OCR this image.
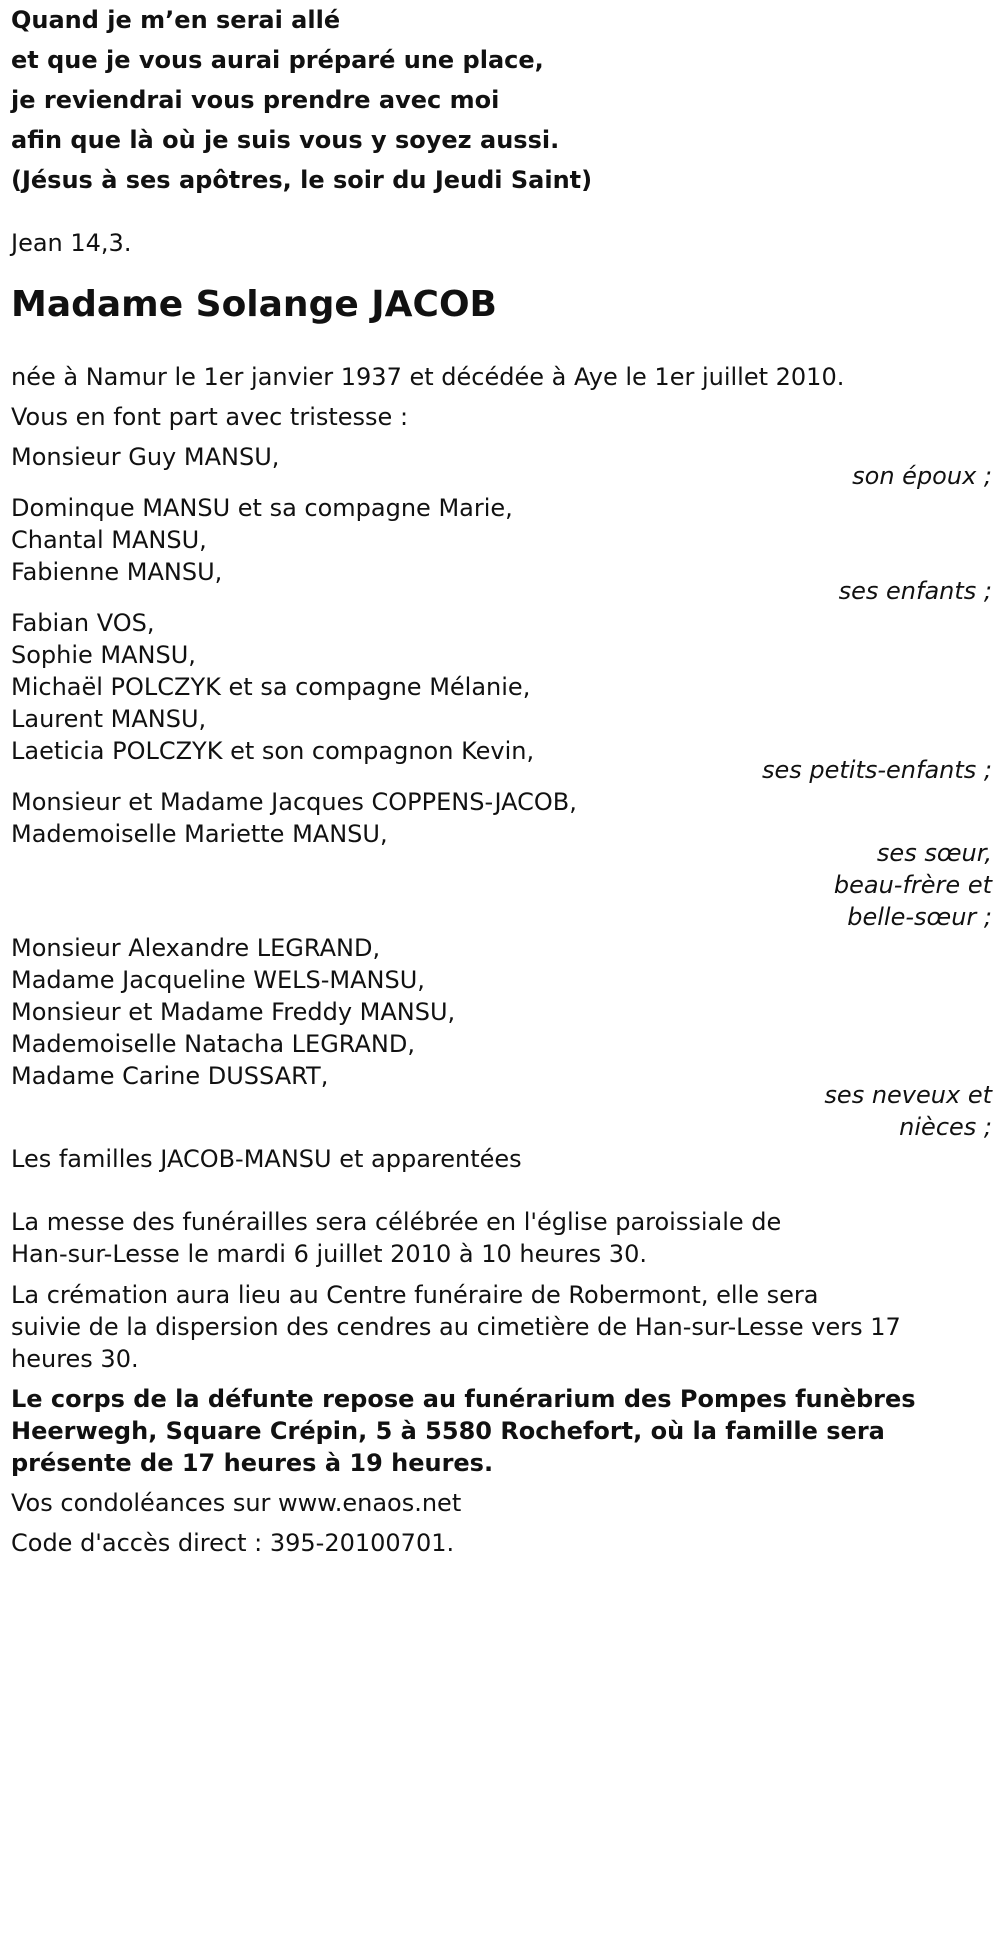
Quand je m’en serai allé
et que je vous aurai préparé une place,
je reviendrai vous prendre avec moi
afin que là où je suis vous y soyez aussi.
(Jésus à ses apôtres, le soir du Jeudi Saint)
Jean 14,3.
Madame Solange JACOB
née à Namur le 1er janvier 1937 et décédée à Aye le 1er juillet 2010.
Vous en font part avec tristesse :
Monsieur Guy MANSU,
son époux ;
Dominque MANSU et sa compagne Marie,
Chantal MANSU,
Fabienne MANSU,
ses enfants ;
Fabian VOS,
Sophie MANSU,
Michaël POLCZYK et sa compagne Mélanie,
Laurent MANSU,
Laeticia POLCZYK et son compagnon Kevin,
ses petits-enfants ;
Monsieur et Madame Jacques COPPENS-JACOB,
Mademoiselle Mariette MANSU,
ses sœur,
beau-frère et
belle-sœur ;
Monsieur Alexandre LEGRAND,
Madame Jacqueline WELS-MANSU,
Monsieur et Madame Freddy MANSU,
Mademoiselle Natacha LEGRAND,
Madame Carine DUSSART,
ses neveux et
nièces ;
Les familles JACOB-MANSU et apparentées
La messe des funérailles sera célébrée en l'église paroissiale de
Han-sur-Lesse le mardi 6 juillet 2010 à 10 heures 30.
La crémation aura lieu au Centre funéraire de Robermont, elle sera
suivie de la dispersion des cendres au cimetière de Han-sur-Lesse vers 17
heures 30.
Le corps de la défunte repose au funérarium des Pompes funèbres
Heerwegh, Square Crépin, 5 à 5580 Rochefort, où la famille sera
présente de 17 heures à 19 heures.
Vos condoléances sur www.enaos.net
Code d'accès direct : 395-20100701.
